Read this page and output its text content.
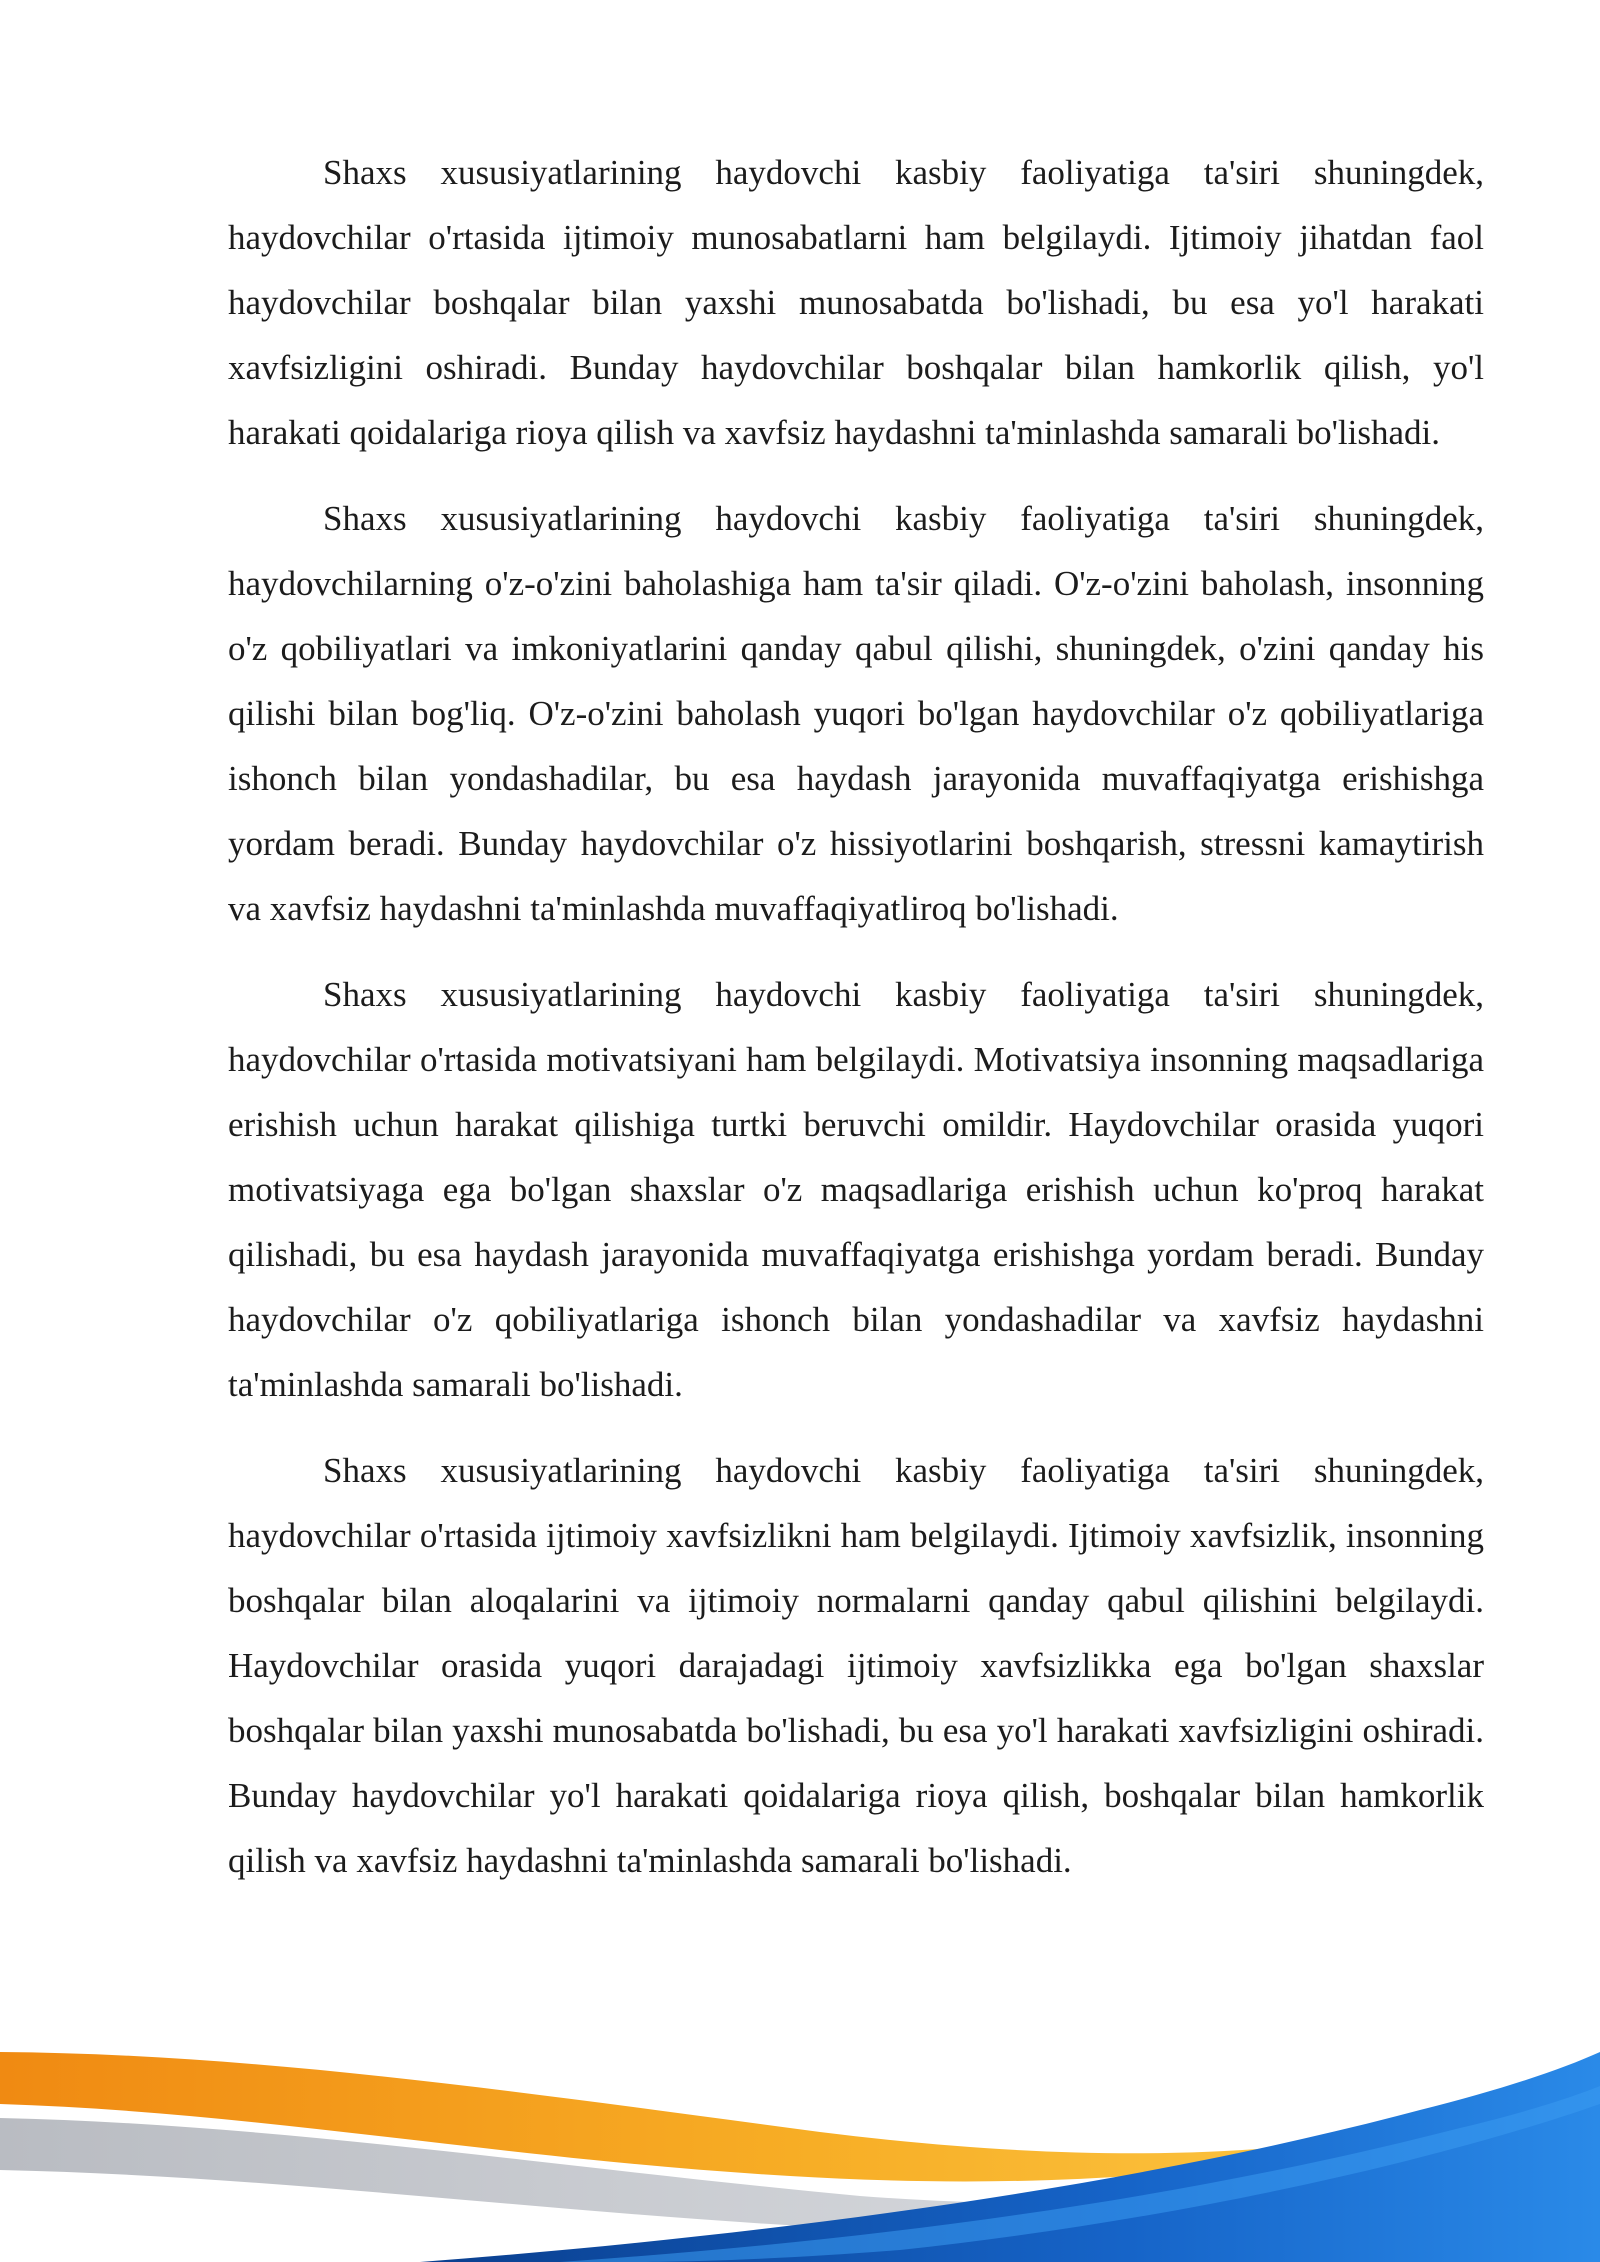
Shaxs xususiyatlarining haydovchi kasbiy faoliyatiga ta'siri shuningdek, haydovchilar o'rtasida ijtimoiy munosabatlarni ham belgilaydi. Ijtimoiy jihatdan faol haydovchilar boshqalar bilan yaxshi munosabatda bo'lishadi, bu esa yo'l harakati xavfsizligini oshiradi. Bunday haydovchilar boshqalar bilan hamkorlik qilish, yo'l harakati qoidalariga rioya qilish va xavfsiz haydashni ta'minlashda samarali bo'lishadi.

Shaxs xususiyatlarining haydovchi kasbiy faoliyatiga ta'siri shuningdek, haydovchilarning o'z-o'zini baholashiga ham ta'sir qiladi. O'z-o'zini baholash, insonning o'z qobiliyatlari va imkoniyatlarini qanday qabul qilishi, shuningdek, o'zini qanday his qilishi bilan bog'liq. O'z-o'zini baholash yuqori bo'lgan haydovchilar o'z qobiliyatlariga ishonch bilan yondashadilar, bu esa haydash jarayonida muvaffaqiyatga erishishga yordam beradi. Bunday haydovchilar o'z hissiyotlarini boshqarish, stressni kamaytirish va xavfsiz haydashni ta'minlashda muvaffaqiyatliroq bo'lishadi.

Shaxs xususiyatlarining haydovchi kasbiy faoliyatiga ta'siri shuningdek, haydovchilar o'rtasida motivatsiyani ham belgilaydi. Motivatsiya insonning maqsadlariga erishish uchun harakat qilishiga turtki beruvchi omildir. Haydovchilar orasida yuqori motivatsiyaga ega bo'lgan shaxslar o'z maqsadlariga erishish uchun ko'proq harakat qilishadi, bu esa haydash jarayonida muvaffaqiyatga erishishga yordam beradi. Bunday haydovchilar o'z qobiliyatlariga ishonch bilan yondashadilar va xavfsiz haydashni ta'minlashda samarali bo'lishadi.

Shaxs xususiyatlarining haydovchi kasbiy faoliyatiga ta'siri shuningdek, haydovchilar o'rtasida ijtimoiy xavfsizlikni ham belgilaydi. Ijtimoiy xavfsizlik, insonning boshqalar bilan aloqalarini va ijtimoiy normalarni qanday qabul qilishini belgilaydi. Haydovchilar orasida yuqori darajadagi ijtimoiy xavfsizlikka ega bo'lgan shaxslar boshqalar bilan yaxshi munosabatda bo'lishadi, bu esa yo'l harakati xavfsizligini oshiradi. Bunday haydovchilar yo'l harakati qoidalariga rioya qilish, boshqalar bilan hamkorlik qilish va xavfsiz haydashni ta'minlashda samarali bo'lishadi.
